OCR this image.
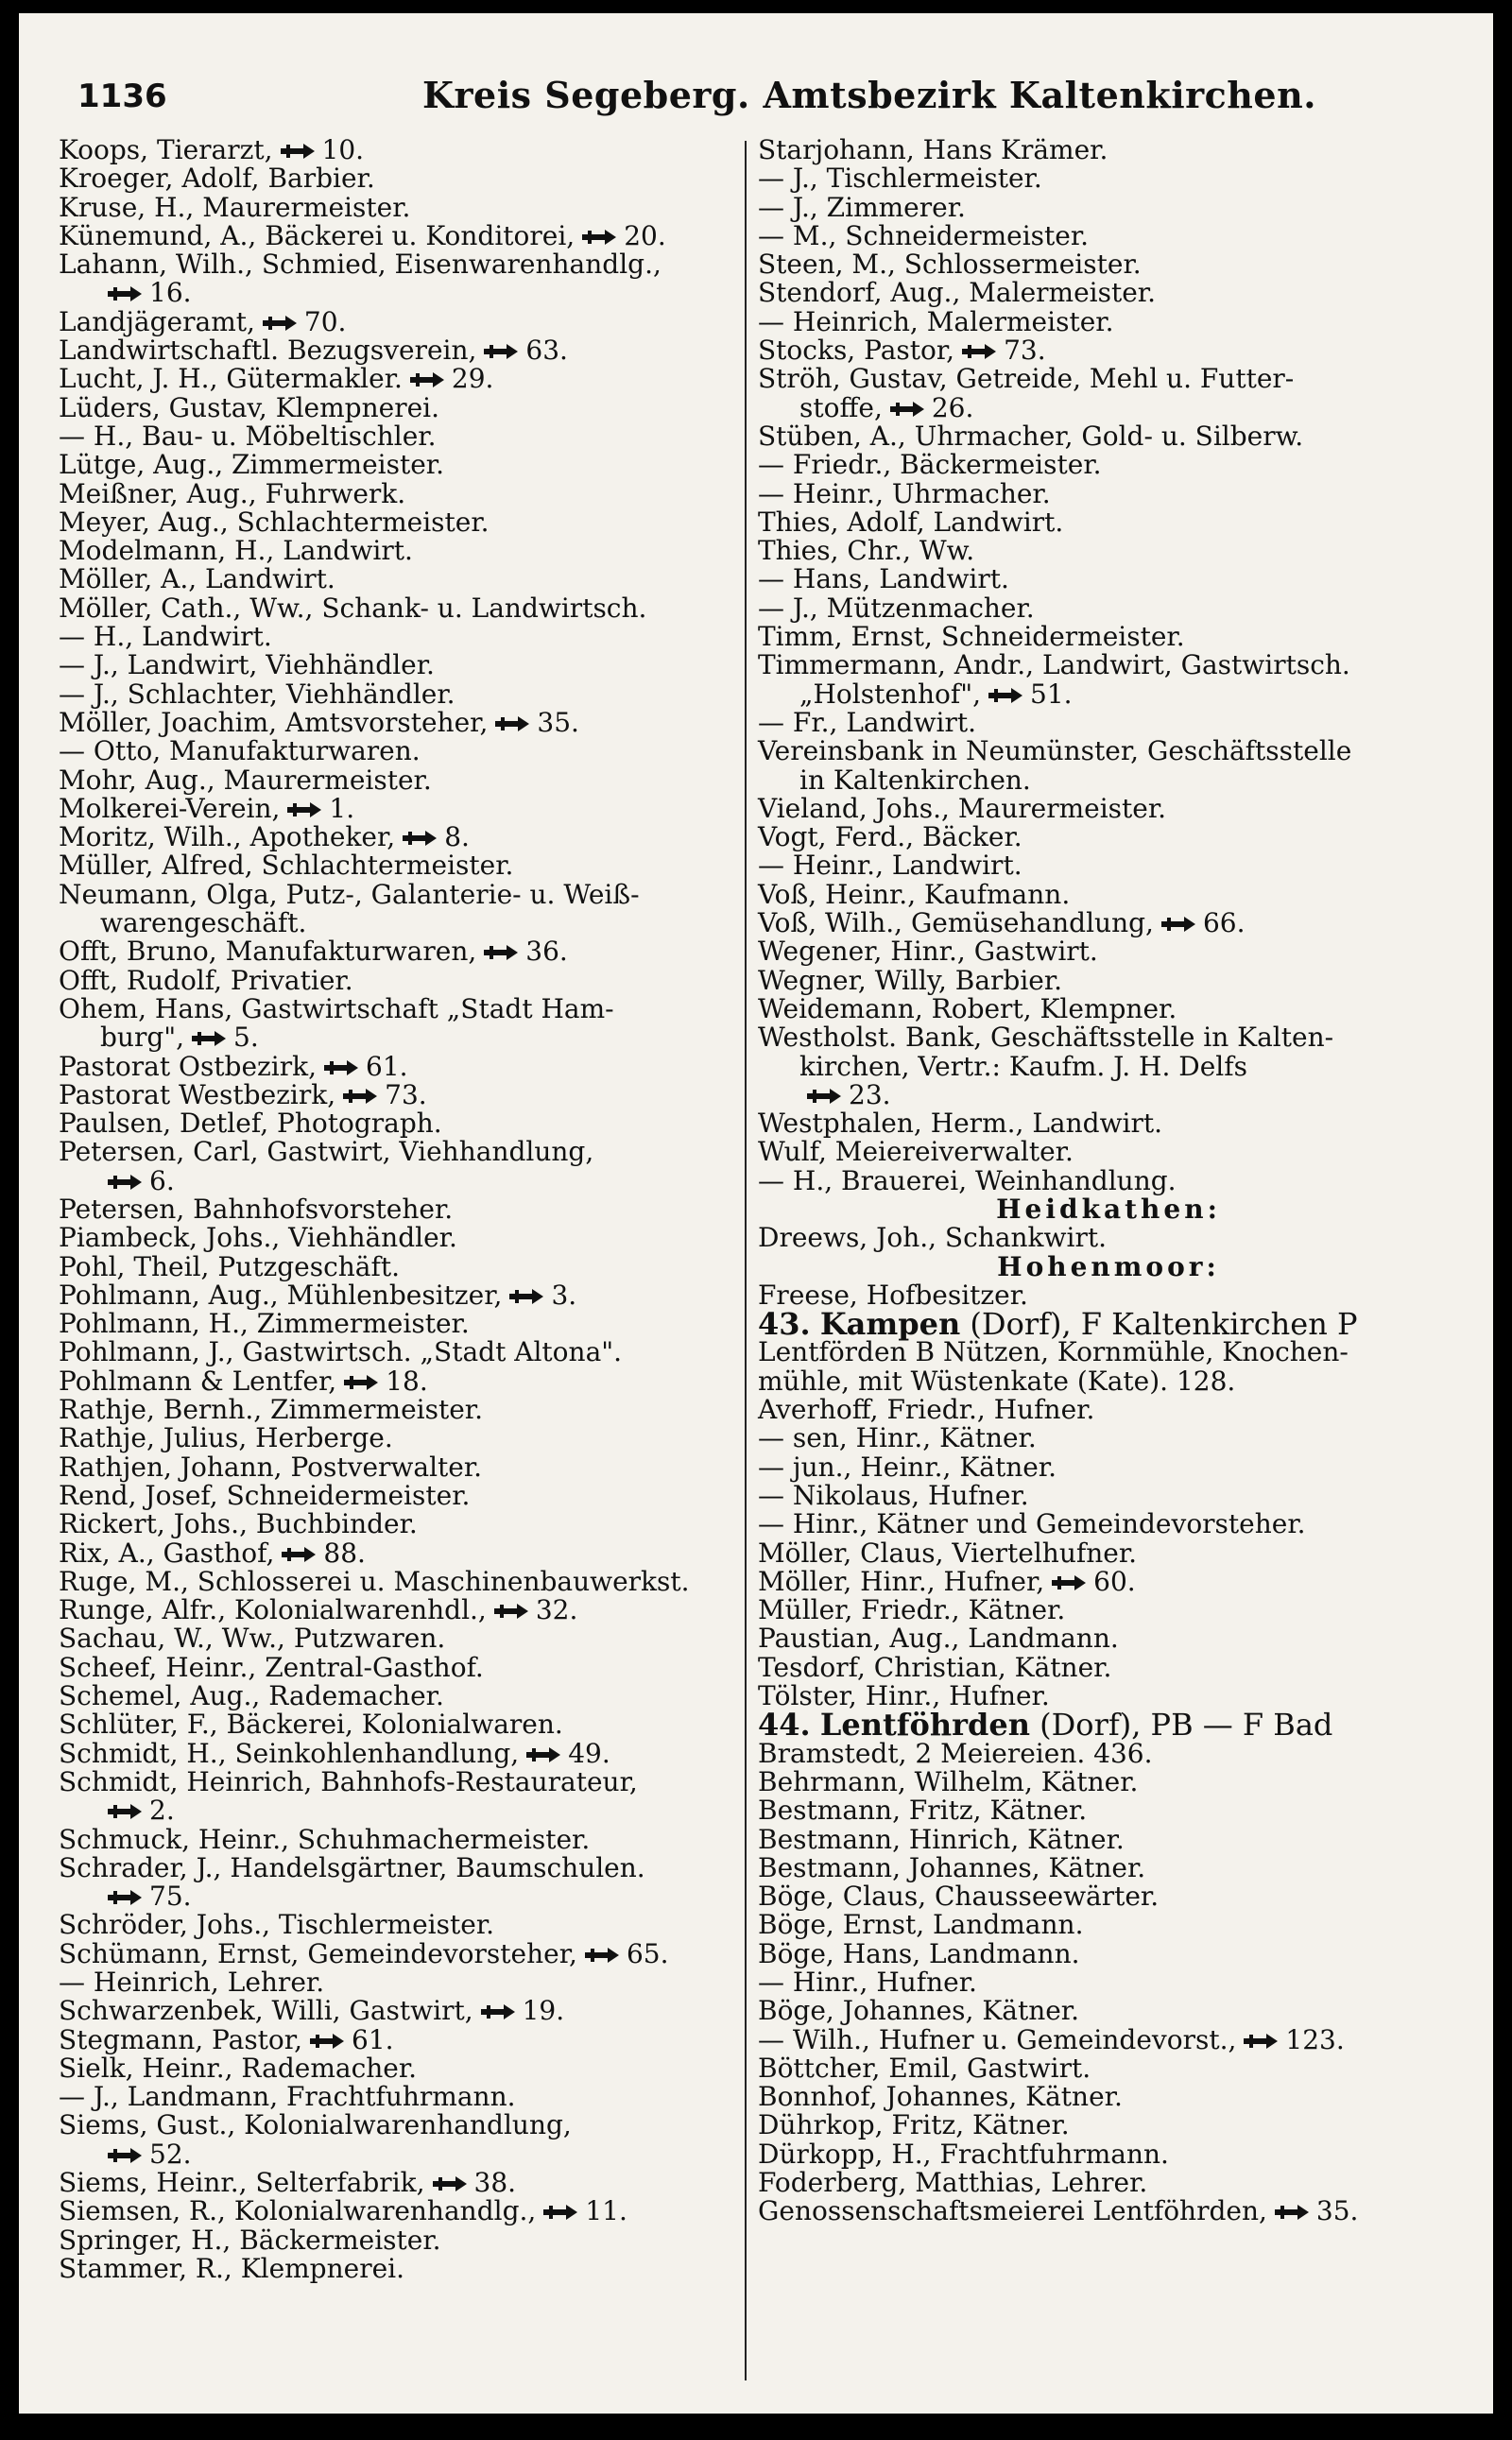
1136	Kreis Segeberg. Amtsbezirk Kaltenkirchen.
Koops, Tierarzt, 10.
Kroeger, Adolf, Barbier.
Kruse, H., Maurermeister.
Künemund, A., Bäckerei u. Konditorei, 20.
Lahann, Wilh., Schmied, Eisenwarenhandlg.,
16.
Landjägeramt, 70.
Landwirtschaftl. Bezugsverein, 63.
Lucht, J. H., Gütermakler. 29.
Lüders, Gustav, Klempnerei.
— H., Bau- u. Möbeltischler.
Lütge, Aug., Zimmermeister.
Meißner, Aug., Fuhrwerk.
Meyer, Aug., Schlachtermeister.
Modelmann, H., Landwirt.
Möller, A., Landwirt.
Möller, Cath., Ww., Schank- u. Landwirtsch.
— H., Landwirt.
— J., Landwirt, Viehhändler.
— J., Schlachter, Viehhändler.
Möller, Joachim, Amtsvorsteher, 35.
— Otto, Manufakturwaren.
Mohr, Aug., Maurermeister.
Molkerei-Verein, 1.
Moritz, Wilh., Apotheker, 8.
Müller, Alfred, Schlachtermeister.
Neumann, Olga, Putz-, Galanterie- u. Weiß-
warengeschäft.
Offt, Bruno, Manufakturwaren, 36.
Offt, Rudolf, Privatier.
Ohem, Hans, Gastwirtschaft „Stadt Ham-
burg", 5.
Pastorat Ostbezirk, 61.
Pastorat Westbezirk, 73.
Paulsen, Detlef, Photograph.
Petersen, Carl, Gastwirt, Viehhandlung,
6.
Petersen, Bahnhofsvorsteher.
Piambeck, Johs., Viehhändler.
Pohl, Theil, Putzgeschäft.
Pohlmann, Aug., Mühlenbesitzer, 3.
Pohlmann, H., Zimmermeister.
Pohlmann, J., Gastwirtsch. „Stadt Altona".
Pohlmann & Lentfer, 18.
Rathje, Bernh., Zimmermeister.
Rathje, Julius, Herberge.
Rathjen, Johann, Postverwalter.
Rend, Josef, Schneidermeister.
Rickert, Johs., Buchbinder.
Rix, A., Gasthof, 88.
Ruge, M., Schlosserei u. Maschinenbauwerkst.
Runge, Alfr., Kolonialwarenhdl., 32.
Sachau, W., Ww., Putzwaren.
Scheef, Heinr., Zentral-Gasthof.
Schemel, Aug., Rademacher.
Schlüter, F., Bäckerei, Kolonialwaren.
Schmidt, H., Seinkohlenhandlung, 49.
Schmidt, Heinrich, Bahnhofs-Restaurateur,
2.
Schmuck, Heinr., Schuhmachermeister.
Schrader, J., Handelsgärtner, Baumschulen.
75.
Schröder, Johs., Tischlermeister.
Schümann, Ernst, Gemeindevorsteher, 65.
— Heinrich, Lehrer.
Schwarzenbek, Willi, Gastwirt, 19.
Stegmann, Pastor, 61.
Sielk, Heinr., Rademacher.
— J., Landmann, Frachtfuhrmann.
Siems, Gust., Kolonialwarenhandlung,
52.
Siems, Heinr., Selterfabrik, 38.
Siemsen, R., Kolonialwarenhandlg., 11.
Springer, H., Bäckermeister.
Stammer, R., Klempnerei.
Starjohann, Hans Krämer.
— J., Tischlermeister.
— J., Zimmerer.
— M., Schneidermeister.
Steen, M., Schlossermeister.
Stendorf, Aug., Malermeister.
— Heinrich, Malermeister.
Stocks, Pastor, 73.
Ströh, Gustav, Getreide, Mehl u. Futter-
stoffe, 26.
Stüben, A., Uhrmacher, Gold- u. Silberw.
— Friedr., Bäckermeister.
— Heinr., Uhrmacher.
Thies, Adolf, Landwirt.
Thies, Chr., Ww.
— Hans, Landwirt.
— J., Mützenmacher.
Timm, Ernst, Schneidermeister.
Timmermann, Andr., Landwirt, Gastwirtsch.
„Holstenhof", 51.
— Fr., Landwirt.
Vereinsbank in Neumünster, Geschäftsstelle
in Kaltenkirchen.
Vieland, Johs., Maurermeister.
Vogt, Ferd., Bäcker.
— Heinr., Landwirt.
Voß, Heinr., Kaufmann.
Voß, Wilh., Gemüsehandlung, 66.
Wegener, Hinr., Gastwirt.
Wegner, Willy, Barbier.
Weidemann, Robert, Klempner.
Westholst. Bank, Geschäftsstelle in Kalten-
kirchen, Vertr.: Kaufm. J. H. Delfs
23.
Westphalen, Herm., Landwirt.
Wulf, Meiereiverwalter.
— H., Brauerei, Weinhandlung.
Heidkathen:
Dreews, Joh., Schankwirt.
Hohenmoor:
Freese, Hofbesitzer.
43. Kampen (Dorf), F Kaltenkirchen P
Lentförden B Nützen, Kornmühle, Knochen-
mühle, mit Wüstenkate (Kate). 128.
Averhoff, Friedr., Hufner.
— sen, Hinr., Kätner.
— jun., Heinr., Kätner.
— Nikolaus, Hufner.
— Hinr., Kätner und Gemeindevorsteher.
Möller, Claus, Viertelhufner.
Möller, Hinr., Hufner, 60.
Müller, Friedr., Kätner.
Paustian, Aug., Landmann.
Tesdorf, Christian, Kätner.
Tölster, Hinr., Hufner.
44. Lentföhrden (Dorf), PB — F Bad
Bramstedt, 2 Meiereien. 436.
Behrmann, Wilhelm, Kätner.
Bestmann, Fritz, Kätner.
Bestmann, Hinrich, Kätner.
Bestmann, Johannes, Kätner.
Böge, Claus, Chausseewärter.
Böge, Ernst, Landmann.
Böge, Hans, Landmann.
— Hinr., Hufner.
Böge, Johannes, Kätner.
— Wilh., Hufner u. Gemeindevorst., 123.
Böttcher, Emil, Gastwirt.
Bonnhof, Johannes, Kätner.
Dührkop, Fritz, Kätner.
Dürkopp, H., Frachtfuhrmann.
Foderberg, Matthias, Lehrer.
Genossenschaftsmeierei Lentföhrden, 35.
